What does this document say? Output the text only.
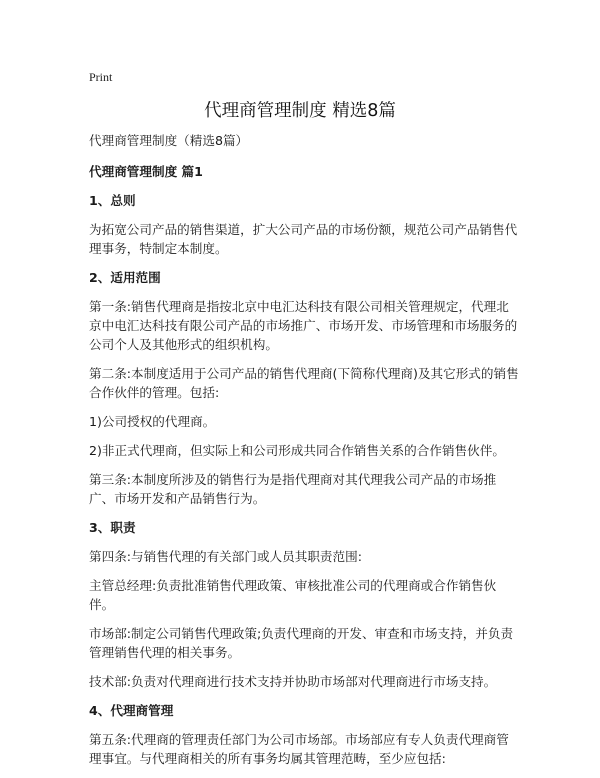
Print
代理商管理制度 精选8篇

代理商管理制度（精选8篇）

代理商管理制度 篇1

1、总则

为拓宽公司产品的销售渠道，扩大公司产品的市场份额，规范公司产品销售代理事务，特制定本制度。

2、适用范围

第一条:销售代理商是指按北京中电汇达科技有限公司相关管理规定，代理北京中电汇达科技有限公司产品的市场推广、市场开发、市场管理和市场服务的公司个人及其他形式的组织机构。

第二条:本制度适用于公司产品的销售代理商(下简称代理商)及其它形式的销售合作伙伴的管理。包括:

1)公司授权的代理商。

2)非正式代理商，但实际上和公司形成共同合作销售关系的合作销售伙伴。

第三条:本制度所涉及的销售行为是指代理商对其代理我公司产品的市场推广、市场开发和产品销售行为。

3、职责

第四条:与销售代理的有关部门或人员其职责范围:

主管总经理:负责批准销售代理政策、审核批准公司的代理商或合作销售伙伴。

市场部:制定公司销售代理政策;负责代理商的开发、审查和市场支持，并负责管理销售代理的相关事务。

技术部:负责对代理商进行技术支持并协助市场部对代理商进行市场支持。

4、代理商管理

第五条:代理商的管理责任部门为公司市场部。市场部应有专人负责代理商管理事宜。与代理商相关的所有事务均属其管理范畴，至少应包括:
